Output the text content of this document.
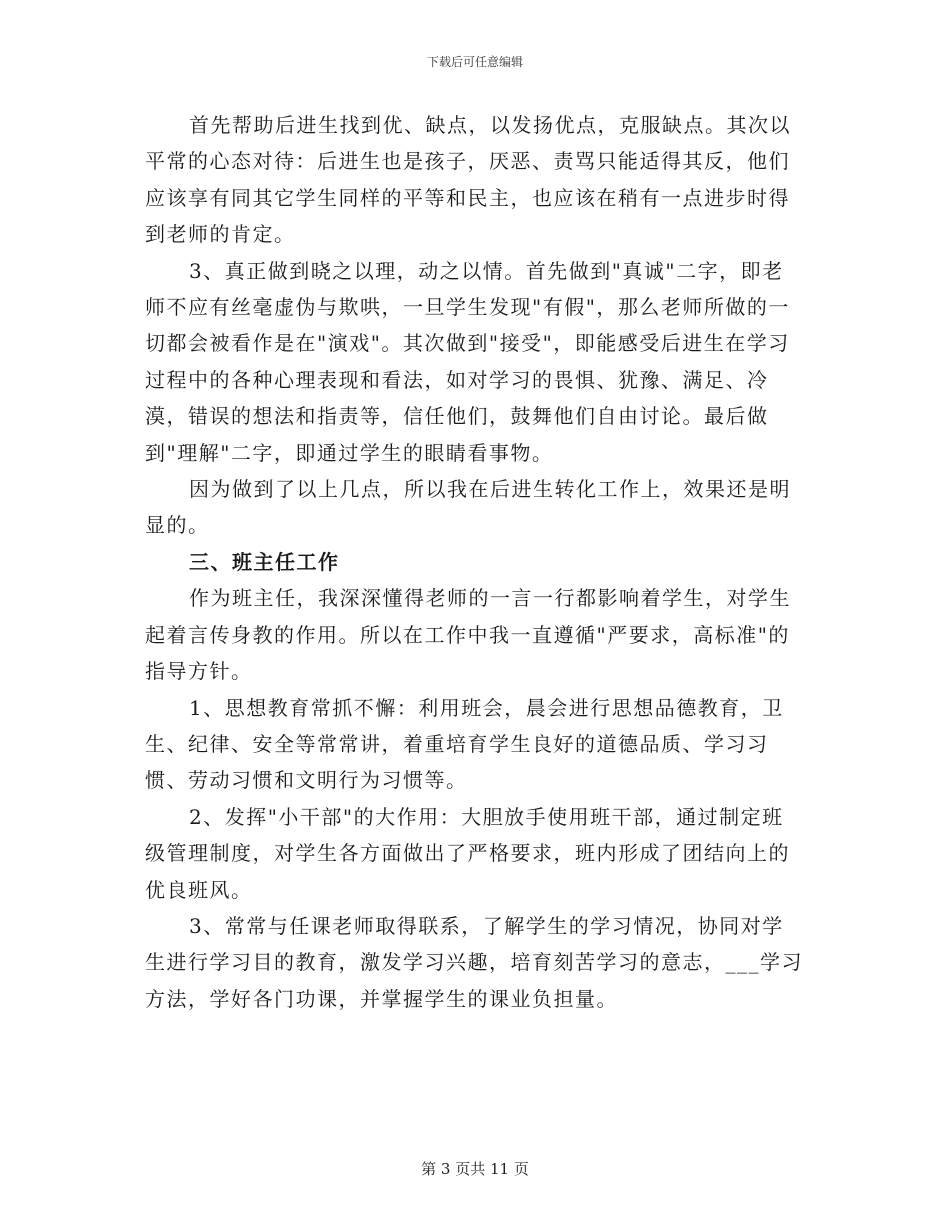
下载后可任意编辑

首先帮助后进生找到优、缺点，以发扬优点，克服缺点。其次以平常的心态对待：后进生也是孩子，厌恶、责骂只能适得其反，他们应该享有同其它学生同样的平等和民主，也应该在稍有一点进步时得到老师的肯定。

3、真正做到晓之以理，动之以情。首先做到"真诚"二字，即老师不应有丝毫虚伪与欺哄，一旦学生发现"有假"，那么老师所做的一切都会被看作是在"演戏"。其次做到"接受"，即能感受后进生在学习过程中的各种心理表现和看法，如对学习的畏惧、犹豫、满足、冷漠，错误的想法和指责等，信任他们，鼓舞他们自由讨论。最后做到"理解"二字，即通过学生的眼睛看事物。

因为做到了以上几点，所以我在后进生转化工作上，效果还是明显的。

三、班主任工作

作为班主任，我深深懂得老师的一言一行都影响着学生，对学生起着言传身教的作用。所以在工作中我一直遵循"严要求，高标准"的指导方针。

1、思想教育常抓不懈：利用班会，晨会进行思想品德教育，卫生、纪律、安全等常常讲，着重培育学生良好的道德品质、学习习惯、劳动习惯和文明行为习惯等。

2、发挥"小干部"的大作用：大胆放手使用班干部，通过制定班级管理制度，对学生各方面做出了严格要求，班内形成了团结向上的优良班风。

3、常常与任课老师取得联系，了解学生的学习情况，协同对学生进行学习目的教育，激发学习兴趣，培育刻苦学习的意志，___学习方法，学好各门功课，并掌握学生的课业负担量。

第 3 页共 11 页
